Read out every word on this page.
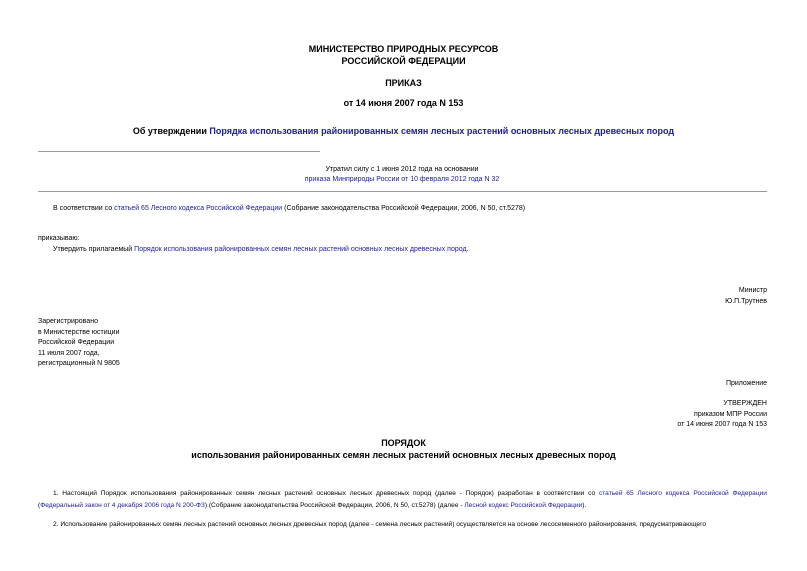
МИНИСТЕРСТВО ПРИРОДНЫХ РЕСУРСОВ
РОССИЙСКОЙ ФЕДЕРАЦИИ
ПРИКАЗ
от 14 июня 2007 года N 153
Об утверждении Порядка использования районированных семян лесных растений основных лесных древесных пород
Утратил силу с 1 июня 2012 года на основании
приказа Минприроды России от 10 февраля 2012 года N 32
В соответствии со статьей 65 Лесного кодекса Российской Федерации (Собрание законодательства Российской Федерации, 2006, N 50, ст.5278)
приказываю:
Утвердить прилагаемый Порядок использования районированных семян лесных растений основных лесных древесных пород.
Министр
Ю.П.Трутнев
Зарегистрировано
в Министерстве юстиции
Российской Федерации
11 июля 2007 года,
регистрационный N 9805
Приложение
УТВЕРЖДЕН
приказом МПР России
от 14 июня 2007 года N 153
ПОРЯДОК
использования районированных семян лесных растений основных лесных древесных пород
1. Настоящий Порядок использования районированных семян лесных растений основных лесных древесных пород (далее - Порядок) разработан в соответствии со статьей 65 Лесного кодекса Российской Федерации (Федеральный закон от 4 декабря 2006 года N 200-ФЗ) (Собрание законодательства Российской Федерации, 2006, N 50, ст.5278) (далее - Лесной кодекс Российской Федерации).
2. Использование районированных семян лесных растений основных лесных древесных пород (далее - семена лесных растений) осуществляется на основе лесосеменного районирования, предусматривающего
